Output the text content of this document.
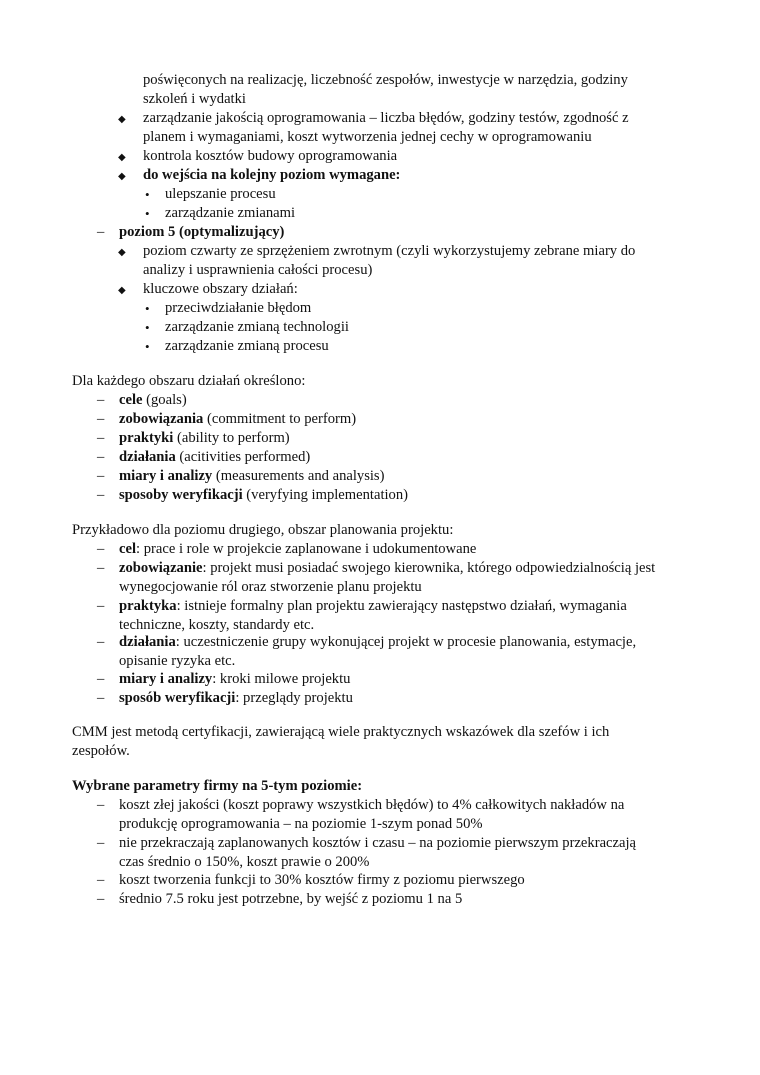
poświęconych na realizację, liczebność zespołów, inwestycje w narzędzia, godziny
szkoleń i wydatki
◆ zarządzanie jakością oprogramowania – liczba błędów, godziny testów, zgodność z
planem i wymaganiami, koszt wytworzenia jednej cechy w oprogramowaniu
◆ kontrola kosztów budowy oprogramowania
◆ do wejścia na kolejny poziom wymagane:
• ulepszanie procesu
• zarządzanie zmianami
– poziom 5 (optymalizujący)
◆ poziom czwarty ze sprzężeniem zwrotnym (czyli wykorzystujemy zebrane miary do
analizy i usprawnienia całości procesu)
◆ kluczowe obszary działań:
• przeciwdziałanie błędom
• zarządzanie zmianą technologii
• zarządzanie zmianą procesu
Dla każdego obszaru działań określono:
– cele (goals)
– zobowiązania (commitment to perform)
– praktyki (ability to perform)
– działania (acitivities performed)
– miary i analizy (measurements and analysis)
– sposoby weryfikacji (veryfying implementation)
Przykładowo dla poziomu drugiego, obszar planowania projektu:
– cel: prace i role w projekcie zaplanowane i udokumentowane
– zobowiązanie: projekt musi posiadać swojego kierownika, którego odpowiedzialnością jest
wynegocjowanie ról oraz stworzenie planu projektu
– praktyka: istnieje formalny plan projektu zawierający następstwo działań, wymagania
techniczne, koszty, standardy etc.
– działania: uczestniczenie grupy wykonującej projekt w procesie planowania, estymacje,
opisanie ryzyka etc.
– miary i analizy: kroki milowe projektu
– sposób weryfikacji: przeglądy projektu
CMM jest metodą certyfikacji, zawierającą wiele praktycznych wskazówek dla szefów i ich
zespołów.
Wybrane parametry firmy na 5-tym poziomie:
– koszt złej jakości (koszt poprawy wszystkich błędów) to 4% całkowitych nakładów na
produkcję oprogramowania – na poziomie 1-szym ponad 50%
– nie przekraczają zaplanowanych kosztów i czasu – na poziomie pierwszym przekraczają
czas średnio o 150%, koszt prawie o 200%
– koszt tworzenia funkcji to 30% kosztów firmy z poziomu pierwszego
– średnio 7.5 roku jest potrzebne, by wejść z poziomu 1 na 5
